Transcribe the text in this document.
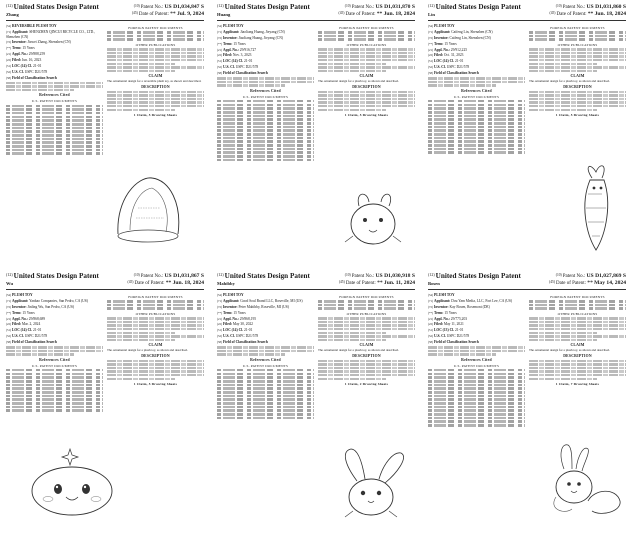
$^{(12)}$United States Design Patent
Zhang
$^{(10)}$Patent No.: US D1,034,847 S
$^{(45)}$Date of Patent: ** Jul. 9, 2024
(54)REVERSIBLE PLUSH TOY
(71)Applicant: SHENZHEN QINCUI BICYCLE CO., LTD., Shenzhen (CN)
(72)Inventor: Jiawei Zhang, Shenzhen (CN)
(**)Term: 15 Years
(21)Appl. No.: 29/888,259
(22)Filed: Jun. 16, 2023
(51)LOC (14) Cl. 21-01
(52)U.S. Cl. USPC D21/578
(58)Field of Classification Search
References Cited
U.S. PATENT DOCUMENTS
FOREIGN PATENT DOCUMENTS
OTHER PUBLICATIONS
CLAIM
The ornamental design for a reversible plush toy, as shown and described.
DESCRIPTION
1 Claim, 5 Drawing Sheets
$^{(12)}$United States Design Patent
Huang
$^{(10)}$Patent No.: US D1,031,870 S
$^{(45)}$Date of Patent: ** Jun. 18, 2024
(54)PLUSH TOY
(71)Applicant: Jiaoliang Huang, Jieyang (CN)
(72)Inventor: Jiaoliang Huang, Jieyang (CN)
(**)Term: 15 Years
(21)Appl. No.: 29/916,727
(22)Filed: Nov. 3, 2023
(51)LOC (14) Cl. 21-01
(52)U.S. Cl. USPC D21/578
(58)Field of Classification Search
References Cited
U.S. PATENT DOCUMENTS
FOREIGN PATENT DOCUMENTS
OTHER PUBLICATIONS
CLAIM
The ornamental design for a plush toy, as shown and described.
DESCRIPTION
1 Claim, 5 Drawing Sheets
$^{(12)}$United States Design Patent
Lin
$^{(10)}$Patent No.: US D1,031,860 S
$^{(45)}$Date of Patent: ** Jun. 18, 2024
(54)PLUSH TOY
(71)Applicant: Caifeng Lin, Shenzhen (CN)
(72)Inventor: Caifeng Lin, Shenzhen (CN)
(**)Term: 15 Years
(21)Appl. No.: 29/912,225
(22)Filed: Oct. 31, 2023
(51)LOC (14) Cl. 21-01
(52)U.S. Cl. USPC D21/578
(58)Field of Classification Search
References Cited
U.S. PATENT DOCUMENTS
FOREIGN PATENT DOCUMENTS
OTHER PUBLICATIONS
CLAIM
The ornamental design for a plush toy, as shown and described.
DESCRIPTION
1 Claim, 5 Drawing Sheets
$^{(12)}$United States Design Patent
Wu
$^{(10)}$Patent No.: US D1,031,867 S
$^{(45)}$Date of Patent: ** Jun. 18, 2024
(54)PLUSH TOY
(71)Applicant: Yanbao Companies, San Pedro, CA (US)
(72)Inventor: Jinling Wu, San Pedro, CA (US)
(**)Term: 15 Years
(21)Appl. No.: 29/868,689
(22)Filed: Mar. 2, 2024
(51)LOC (14) Cl. 21-01
(52)U.S. Cl. USPC D21/578
(58)Field of Classification Search
References Cited
U.S. PATENT DOCUMENTS
FOREIGN PATENT DOCUMENTS
OTHER PUBLICATIONS
CLAIM
The ornamental design for a plush toy, as shown and described.
DESCRIPTION
1 Claim, 5 Drawing Sheets
$^{(12)}$United States Design Patent
Mahibby
$^{(10)}$Patent No.: US D1,030,918 S
$^{(45)}$Date of Patent: ** Jun. 11, 2024
(54)PLUSH TOY
(71)Applicant: Good Soul Brand LLC, Roseville, MI (US)
(72)Inventor: Peter Mahibby, Roseville, MI (US)
(**)Term: 15 Years
(21)Appl. No.: 29/868,195
(22)Filed: May 30, 2022
(51)LOC (14) Cl. 21-01
(52)U.S. Cl. USPC D21/578
(58)Field of Classification Search
References Cited
U.S. PATENT DOCUMENTS
FOREIGN PATENT DOCUMENTS
OTHER PUBLICATIONS
CLAIM
The ornamental design for a plush toy, as shown and described.
DESCRIPTION
1 Claim, 2 Drawing Sheets
$^{(12)}$United States Design Patent
Bosen
$^{(10)}$Patent No.: US D1,027,869 S
$^{(45)}$Date of Patent: ** May 14, 2024
(54)PLUSH TOY
(71)Applicant: Dou Yam Media, LLC, Fort Lee, CA (US)
(72)Inventor: Kay Bosen, Rosemont (DE)
(**)Term: 15 Years
(21)Appl. No.: 29/775,203
(22)Filed: May 11, 2021
(51)LOC (13) Cl. 21-01
(52)U.S. Cl. USPC D21/578
(58)Field of Classification Search
References Cited
U.S. PATENT DOCUMENTS
FOREIGN PATENT DOCUMENTS
OTHER PUBLICATIONS
CLAIM
The ornamental design for a plush toy, as shown and described.
DESCRIPTION
1 Claim, 7 Drawing Sheets
